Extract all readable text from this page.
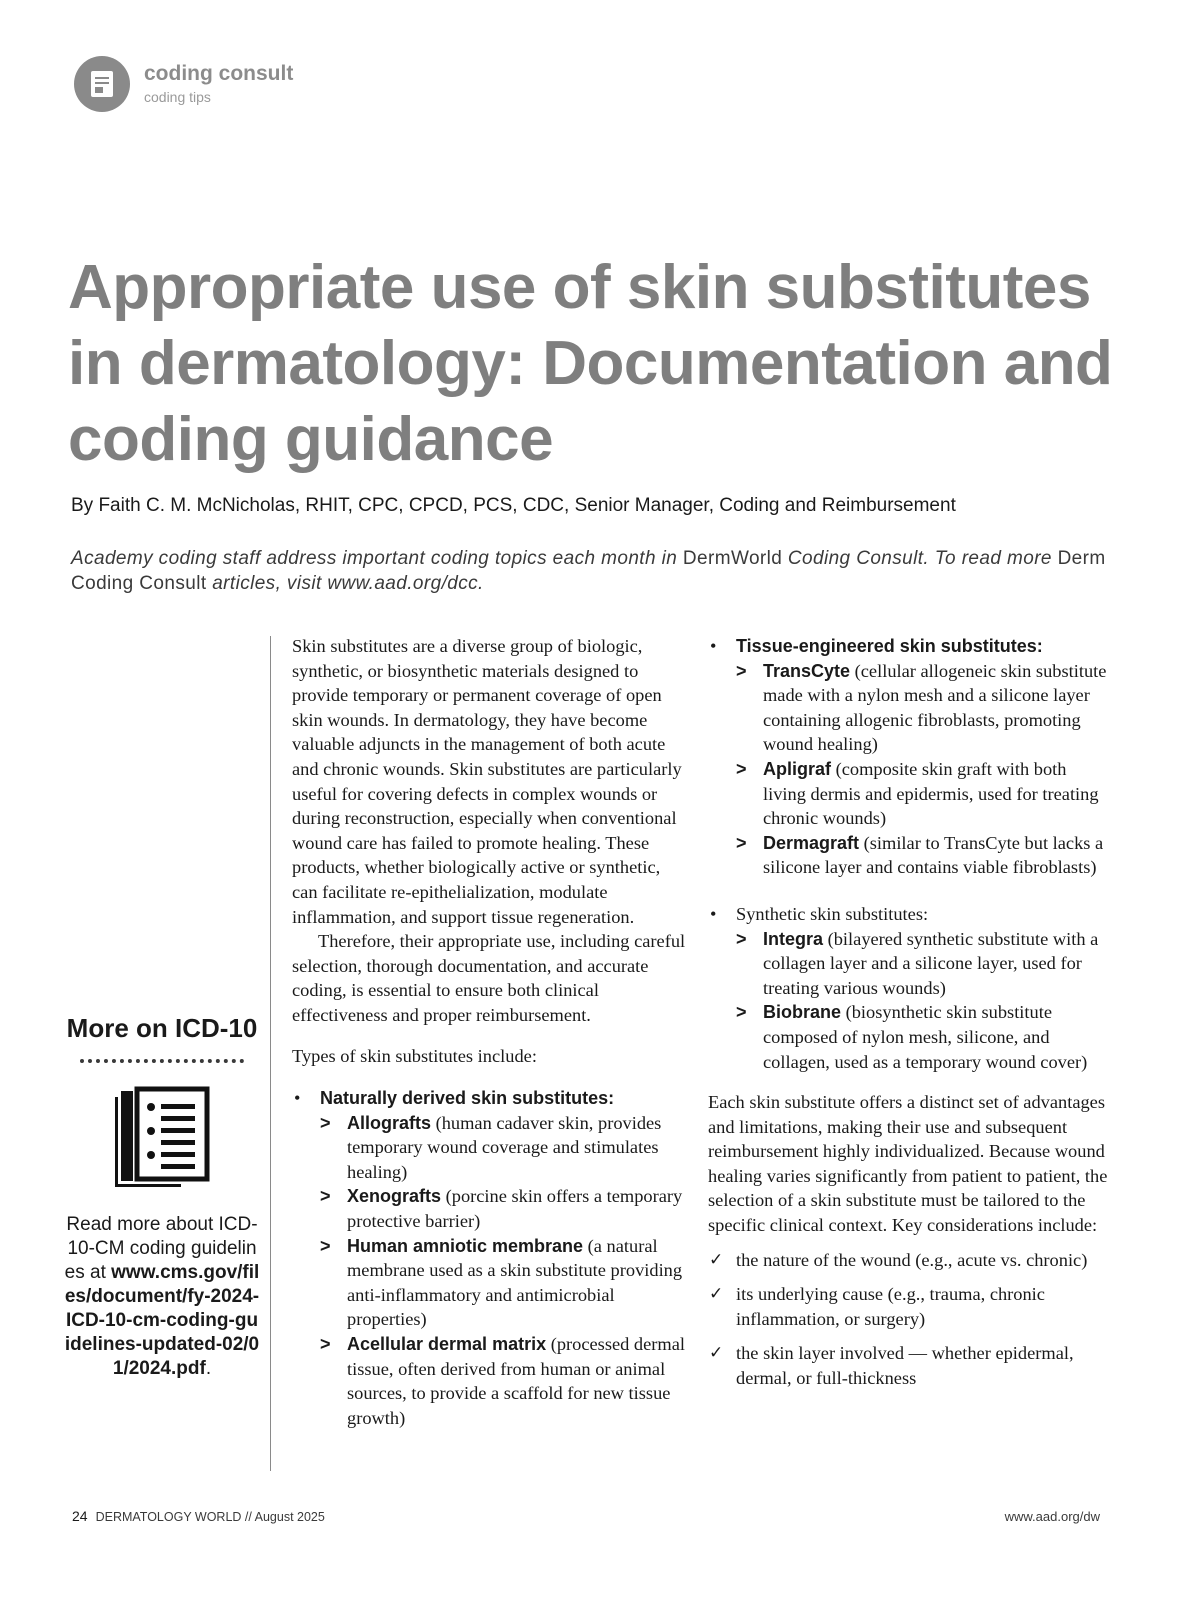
coding consult
coding tips
Appropriate use of skin substitutes in dermatology: Documentation and coding guidance
By Faith C. M. McNicholas, RHIT, CPC, CPCD, PCS, CDC, Senior Manager, Coding and Reimbursement
Academy coding staff address important coding topics each month in DermWorld Coding Consult. To read more Derm Coding Consult articles, visit www.aad.org/dcc.
More on ICD-10
Read more about ICD-10-CM coding guidelines at www.cms.gov/files/document/fy-2024-ICD-10-cm-coding-guidelines-updated-02/01/2024.pdf.

Skin substitutes are a diverse group of biologic, synthetic, or biosynthetic materials designed to provide temporary or permanent coverage of open skin wounds. In dermatology, they have become valuable adjuncts in the management of both acute and chronic wounds. Skin substitutes are particularly useful for covering defects in complex wounds or during reconstruction, especially when conventional wound care has failed to promote healing. These products, whether biologically active or synthetic, can facilitate re-epithelialization, modulate inflammation, and support tissue regeneration.

Therefore, their appropriate use, including careful selection, thorough documentation, and accurate coding, is essential to ensure both clinical effectiveness and proper reimbursement.

Types of skin substitutes include:

• Naturally derived skin substitutes:
> Allografts (human cadaver skin, provides temporary wound coverage and stimulates healing)
> Xenografts (porcine skin offers a temporary protective barrier)
> Human amniotic membrane (a natural membrane used as a skin substitute providing anti-inflammatory and antimicrobial properties)
> Acellular dermal matrix (processed dermal tissue, often derived from human or animal sources, to provide a scaffold for new tissue growth)
• Tissue-engineered skin substitutes:
> TransCyte (cellular allogeneic skin substitute made with a nylon mesh and a silicone layer containing allogenic fibroblasts, promoting wound healing)
> Apligraf (composite skin graft with both living dermis and epidermis, used for treating chronic wounds)
> Dermagraft (similar to TransCyte but lacks a silicone layer and contains viable fibroblasts)
• Synthetic skin substitutes:
> Integra (bilayered synthetic substitute with a collagen layer and a silicone layer, used for treating various wounds)
> Biobrane (biosynthetic skin substitute composed of nylon mesh, silicone, and collagen, used as a temporary wound cover)

Each skin substitute offers a distinct set of advantages and limitations, making their use and subsequent reimbursement highly individualized. Because wound healing varies significantly from patient to patient, the selection of a skin substitute must be tailored to the specific clinical context. Key considerations include:

✓ the nature of the wound (e.g., acute vs. chronic)
✓ its underlying cause (e.g., trauma, chronic inflammation, or surgery)
✓ the skin layer involved — whether epidermal, dermal, or full-thickness
24 DERMATOLOGY WORLD // August 2025	www.aad.org/dw
